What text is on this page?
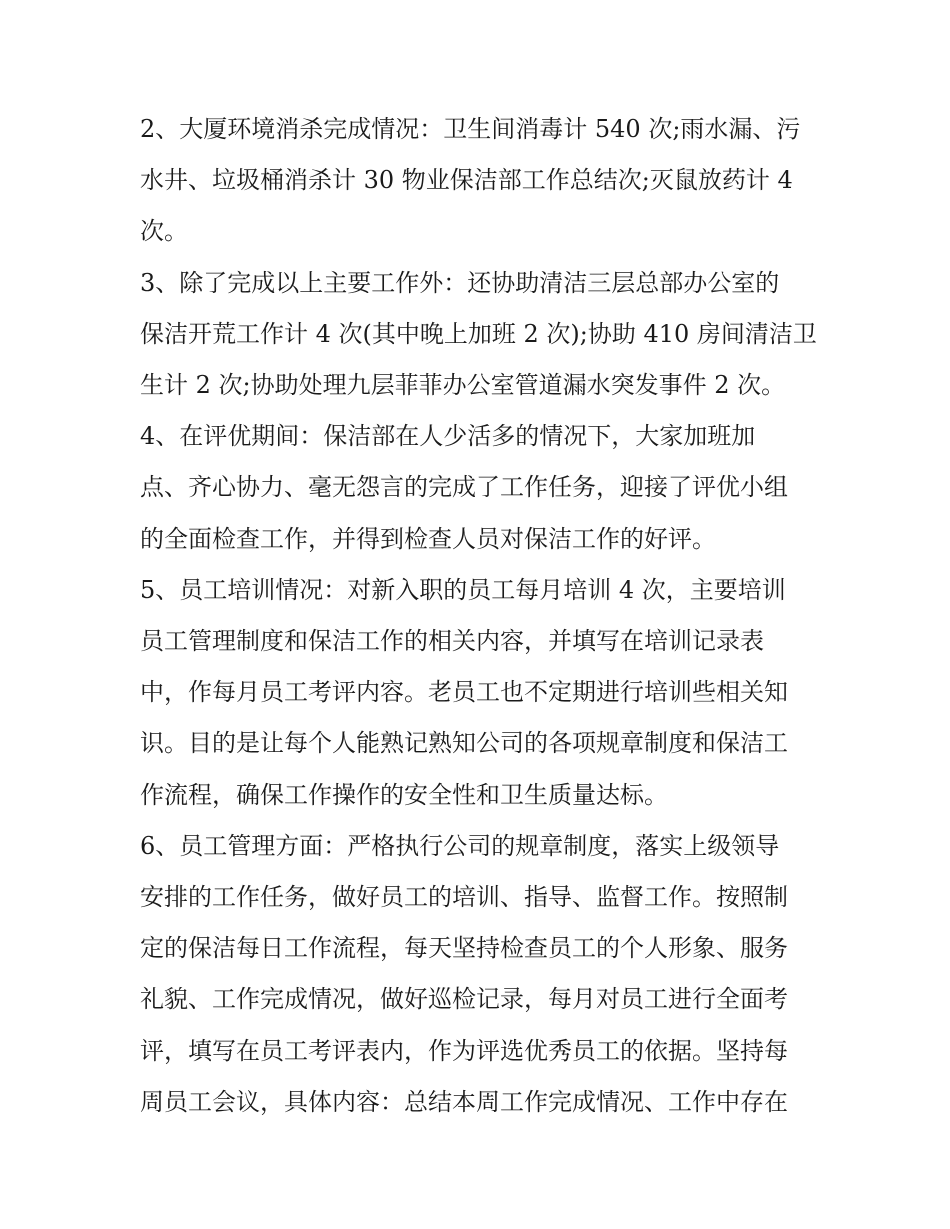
2、大厦环境消杀完成情况：卫生间消毒计 540 次;雨水漏、污
水井、垃圾桶消杀计 30 物业保洁部工作总结次;灭鼠放药计 4
次。

3、除了完成以上主要工作外：还协助清洁三层总部办公室的
保洁开荒工作计 4 次(其中晚上加班 2 次);协助 410 房间清洁卫
生计 2 次;协助处理九层菲菲办公室管道漏水突发事件 2 次。

4、在评优期间：保洁部在人少活多的情况下，大家加班加
点、齐心协力、毫无怨言的完成了工作任务，迎接了评优小组
的全面检查工作，并得到检查人员对保洁工作的好评。

5、员工培训情况：对新入职的员工每月培训 4 次，主要培训
员工管理制度和保洁工作的相关内容，并填写在培训记录表
中，作每月员工考评内容。老员工也不定期进行培训些相关知
识。目的是让每个人能熟记熟知公司的各项规章制度和保洁工
作流程，确保工作操作的安全性和卫生质量达标。

6、员工管理方面：严格执行公司的规章制度，落实上级领导
安排的工作任务，做好员工的培训、指导、监督工作。按照制
定的保洁每日工作流程，每天坚持检查员工的个人形象、服务
礼貌、工作完成情况，做好巡检记录，每月对员工进行全面考
评，填写在员工考评表内，作为评选优秀员工的依据。坚持每
周员工会议，具体内容：总结本周工作完成情况、工作中存在
